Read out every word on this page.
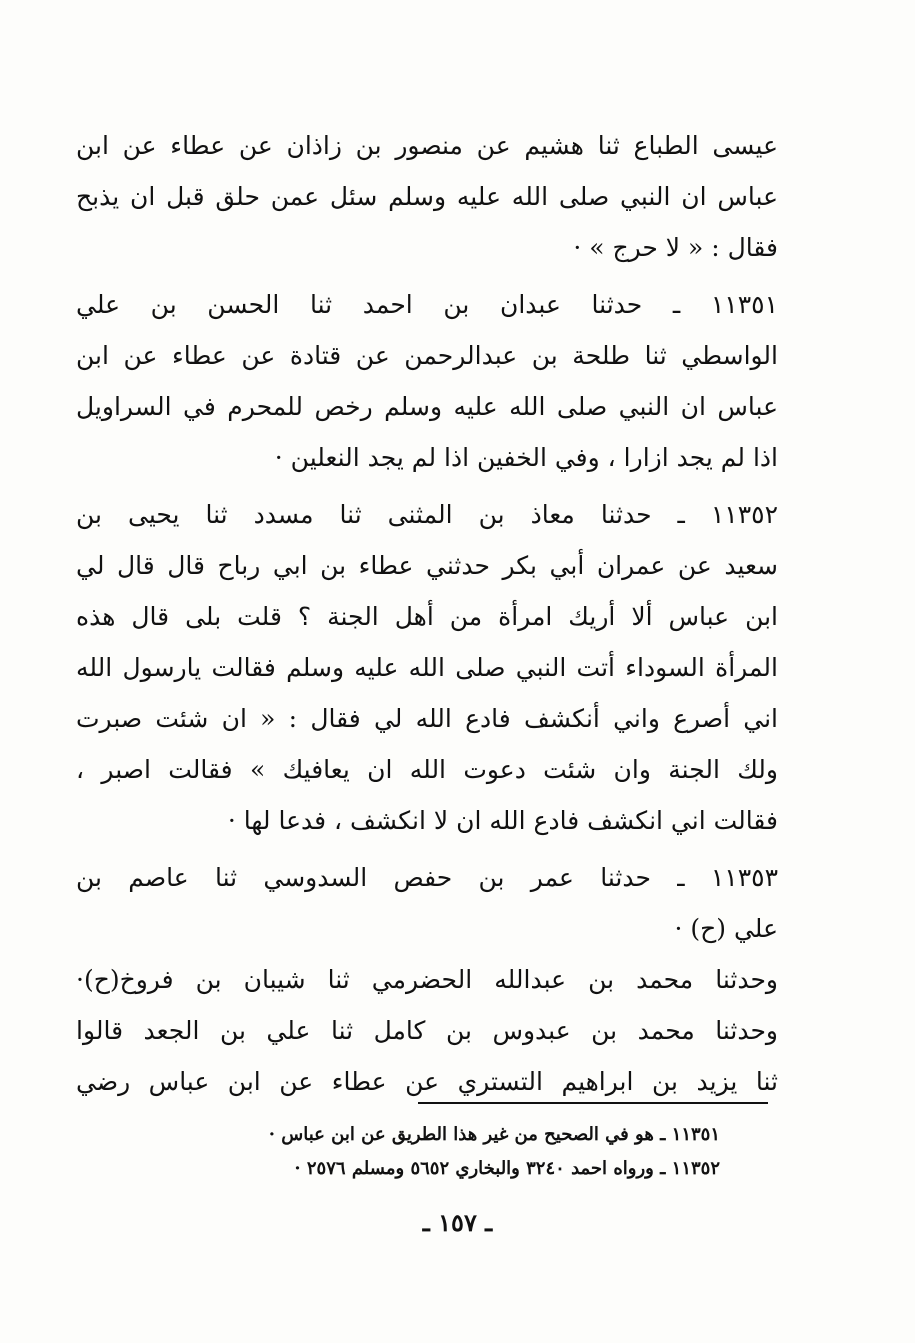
عيسى الطباع ثنا هشيم عن منصور بن زاذان عن عطاء عن ابن
عباس ان النبي صلى الله عليه وسلم سئل عمن حلق قبل ان يذبح
فقال : « لا حرج » ·
١١٣٥١ ـ حدثنا عبدان بن احمد ثنا الحسن بن علي
الواسطي ثنا طلحة بن عبدالرحمن عن قتادة عن عطاء عن ابن
عباس ان النبي صلى الله عليه وسلم رخص للمحرم في السراويل
اذا لم يجد ازارا ، وفي الخفين اذا لم يجد النعلين ·
١١٣٥٢ ـ حدثنا معاذ بن المثنى ثنا مسدد ثنا يحيى بن
سعيد عن عمران أبي بكر حدثني عطاء بن ابي رباح قال قال لي
ابن عباس ألا أريك امرأة من أهل الجنة ؟ قلت بلى قال هذه
المرأة السوداء أتت النبي صلى الله عليه وسلم فقالت يارسول الله
اني أصرع واني أنكشف فادع الله لي فقال : « ان شئت صبرت
ولك الجنة وان شئت دعوت الله ان يعافيك » فقالت اصبر ،
فقالت اني انكشف فادع الله ان لا انكشف ، فدعا لها ·
١١٣٥٣ ـ حدثنا عمر بن حفص السدوسي ثنا عاصم بن
علي (ح) ·
وحدثنا محمد بن عبدالله الحضرمي ثنا شيبان بن فروخ(ح)·
وحدثنا محمد بن عبدوس بن كامل ثنا علي بن الجعد قالوا
ثنا يزيد بن ابراهيم التستري عن عطاء عن ابن عباس رضي
١١٣٥١ ـ هو في الصحيح من غير هذا الطريق عن ابن عباس ·
١١٣٥٢ ـ ورواه احمد ٣٢٤٠ والبخاري ٥٦٥٢ ومسلم ٢٥٧٦ ·
ـ ١٥٧ ـ
